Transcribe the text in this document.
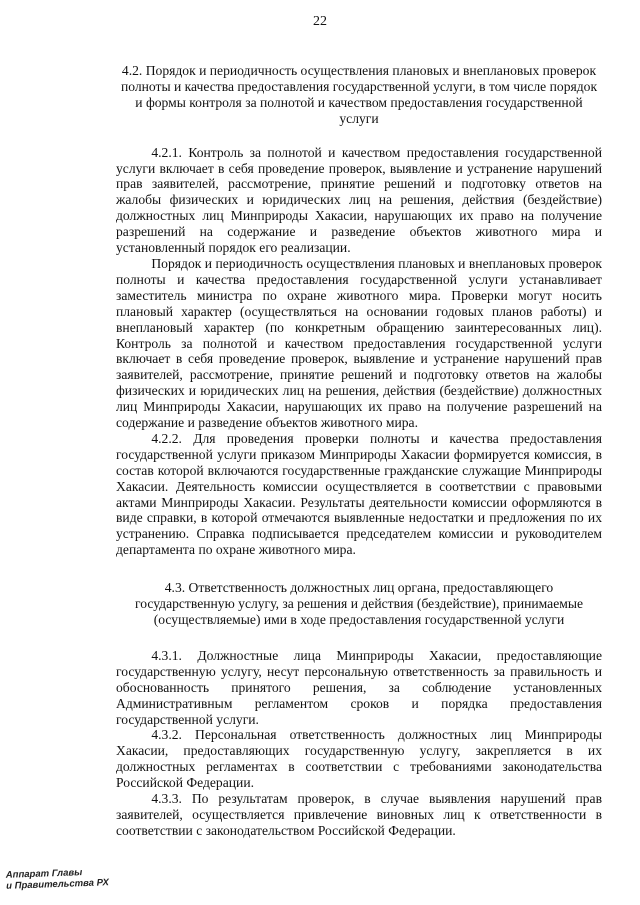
22

4.2. Порядок и периодичность осуществления плановых и внеплановых проверок полноты и качества предоставления государственной услуги, в том числе порядок и формы контроля за полнотой и качеством предоставления государственной услуги

4.2.1. Контроль за полнотой и качеством предоставления государственной услуги включает в себя проведение проверок, выявление и устранение нарушений прав заявителей, рассмотрение, принятие решений и подготовку ответов на жалобы физических и юридических лиц на решения, действия (бездействие) должностных лиц Минприроды Хакасии, нарушающих их право на получение разрешений на содержание и разведение объектов животного мира и установленный порядок его реализации.

Порядок и периодичность осуществления плановых и внеплановых проверок полноты и качества предоставления государственной услуги устанавливает заместитель министра по охране животного мира. Проверки могут носить плановый характер (осуществляться на основании годовых планов работы) и внеплановый характер (по конкретным обращению заинтересованных лиц). Контроль за полнотой и качеством предоставления государственной услуги включает в себя проведение проверок, выявление и устранение нарушений прав заявителей, рассмотрение, принятие решений и подготовку ответов на жалобы физических и юридических лиц на решения, действия (бездействие) должностных лиц Минприроды Хакасии, нарушающих их право на получение разрешений на содержание и разведение объектов животного мира.

4.2.2. Для проведения проверки полноты и качества предоставления государственной услуги приказом Минприроды Хакасии формируется комиссия, в состав которой включаются государственные гражданские служащие Минприроды Хакасии. Деятельность комиссии осуществляется в соответствии с правовыми актами Минприроды Хакасии. Результаты деятельности комиссии оформляются в виде справки, в которой отмечаются выявленные недостатки и предложения по их устранению. Справка подписывается председателем комиссии и руководителем департамента по охране животного мира.

4.3. Ответственность должностных лиц органа, предоставляющего государственную услугу, за решения и действия (бездействие), принимаемые (осуществляемые) ими в ходе предоставления государственной услуги

4.3.1. Должностные лица Минприроды Хакасии, предоставляющие государственную услугу, несут персональную ответственность за правильность и обоснованность принятого решения, за соблюдение установленных Административным регламентом сроков и порядка предоставления государственной услуги.

4.3.2. Персональная ответственность должностных лиц Минприроды Хакасии, предоставляющих государственную услугу, закрепляется в их должностных регламентах в соответствии с требованиями законодательства Российской Федерации.

4.3.3. По результатам проверок, в случае выявления нарушений прав заявителей, осуществляется привлечение виновных лиц к ответственности в соответствии с законодательством Российской Федерации.

Аппарат Главы
и Правительства РХ
